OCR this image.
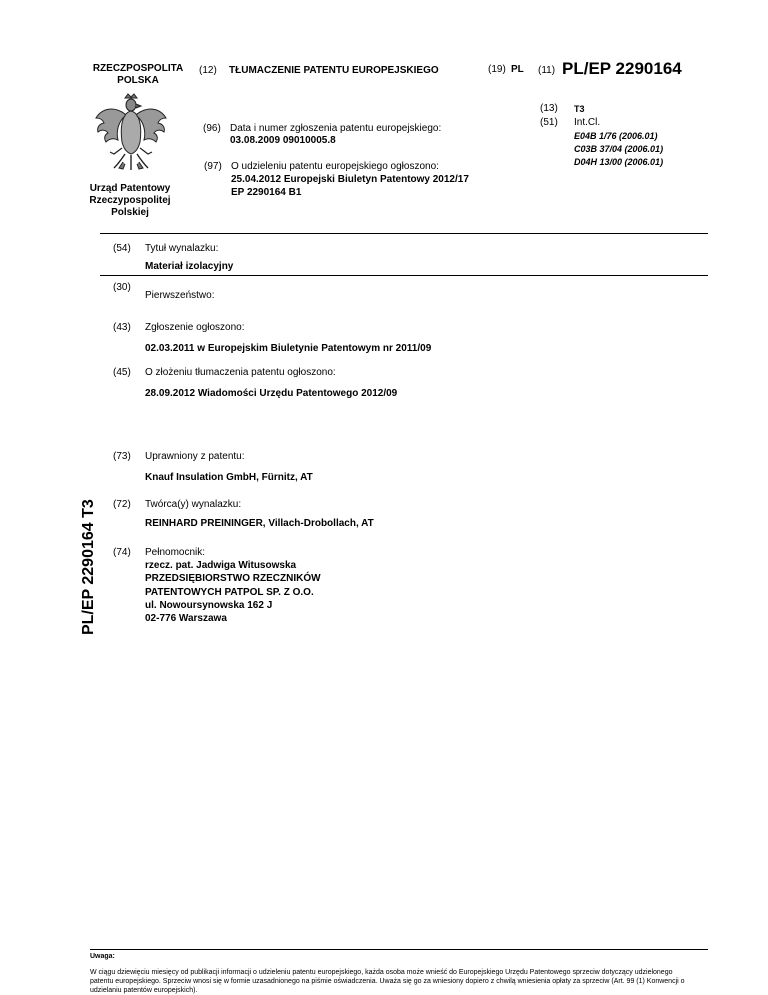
RZECZPOSPOLITA
POLSKA
Urząd Patentowy
Rzeczypospolitej
Polskiej
(12) TŁUMACZENIE PATENTU EUROPEJSKIEGO
(96) Data i numer zgłoszenia patentu europejskiego:
03.08.2009 09010005.8
(97) O udzieleniu patentu europejskiego ogłoszono:
25.04.2012 Europejski Biuletyn Patentowy 2012/17
EP 2290164 B1
(19) PL (11) PL/EP 2290164
(13) T3
(51) Int.Cl.
E04B 1/76 (2006.01)
C03B 37/04 (2006.01)
D04H 13/00 (2006.01)
(54) Tytuł wynalazku:
Materiał izolacyjny
(30)
Pierwszeństwo:
(43) Zgłoszenie ogłoszono:
02.03.2011 w Europejskim Biuletynie Patentowym nr 2011/09
(45) O złożeniu tłumaczenia patentu ogłoszono:
28.09.2012 Wiadomości Urzędu Patentowego 2012/09
(73) Uprawniony z patentu:
Knauf Insulation GmbH, Fürnitz, AT
(72) Twórca(y) wynalazku:
REINHARD PREININGER, Villach-Drobollach, AT
(74) Pełnomocnik:
rzecz. pat. Jadwiga Witusowska
PRZEDSIĘBIORSTWO RZECZNIKÓW
PATENTOWYCH PATPOL SP. Z O.O.
ul. Nowoursynowska 162 J
02-776 Warszawa
PL/EP 2290164 T3
Uwaga:
W ciągu dziewięciu miesięcy od publikacji informacji o udzieleniu patentu europejskiego, każda osoba może wnieść do Europejskiego Urzędu Patentowego sprzeciw dotyczący udzielonego patentu europejskiego. Sprzeciw wnosi się w formie uzasadnionego na piśmie oświadczenia. Uważa się go za wniesiony dopiero z chwilą wniesienia opłaty za sprzeciw (Art. 99 (1) Konwencji o udzielaniu patentów europejskich).
